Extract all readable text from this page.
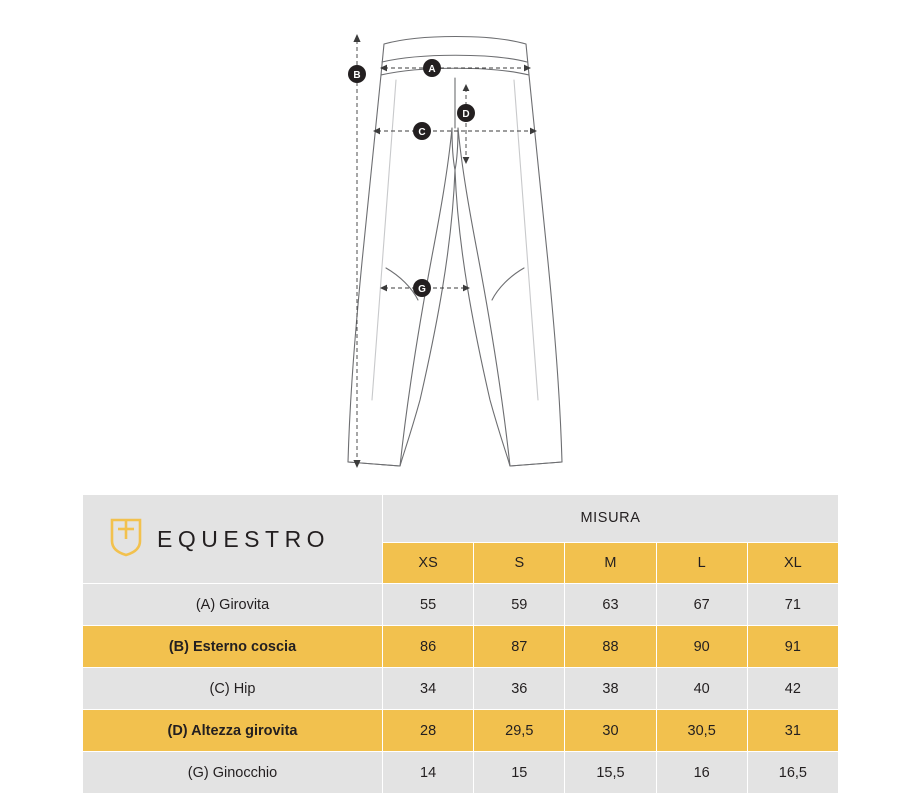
A
B
C
D
G
EQUESTRO	MISURA				
	XS	S	M	L	XL
(A) Girovita	55	59	63	67	71
(B) Esterno coscia	86	87	88	90	91
(C) Hip	34	36	38	40	42
(D) Altezza girovita	28	29,5	30	30,5	31
(G) Ginocchio	14	15	15,5	16	16,5
